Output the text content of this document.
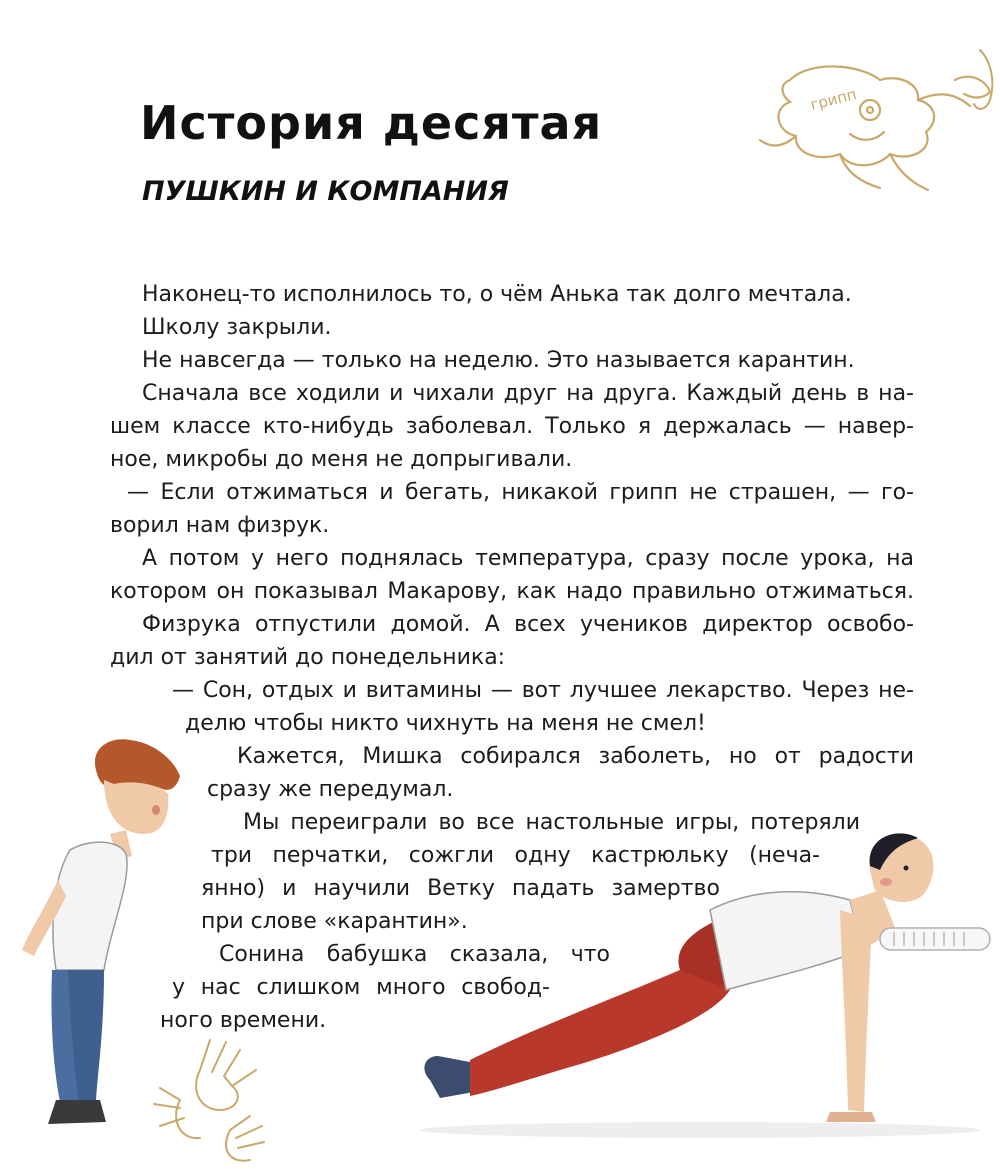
История десятая
ПУШКИН И КОМПАНИЯ
грипп
Наконец-то исполнилось то, о чём Анька так долго мечтала.
Школу закрыли.
Не навсегда — только на неделю. Это называется карантин.
Сначала все ходили и чихали друг на друга. Каждый день в на-
шем классе кто-нибудь заболевал. Только я держалась — навер-
ное, микробы до меня не допрыгивали.
— Если отжиматься и бегать, никакой грипп не страшен, — го-
ворил нам физрук.
А потом у него поднялась температура, сразу после урока, на
котором он показывал Макарову, как надо правильно отжиматься.
Физрука отпустили домой. А всех учеников директор освобо-
дил от занятий до понедельника:
— Сон, отдых и витамины — вот лучшее лекарство. Через не-
делю чтобы никто чихнуть на меня не смел!
Кажется, Мишка собирался заболеть, но от радости
сразу же передумал.
Мы переиграли во все настольные игры, потеряли
три перчатки, сожгли одну кастрюльку (неча-
янно) и научили Ветку падать замертво
при слове «карантин».
Сонина бабушка сказала, что
у нас слишком много свобод-
ного времени.
